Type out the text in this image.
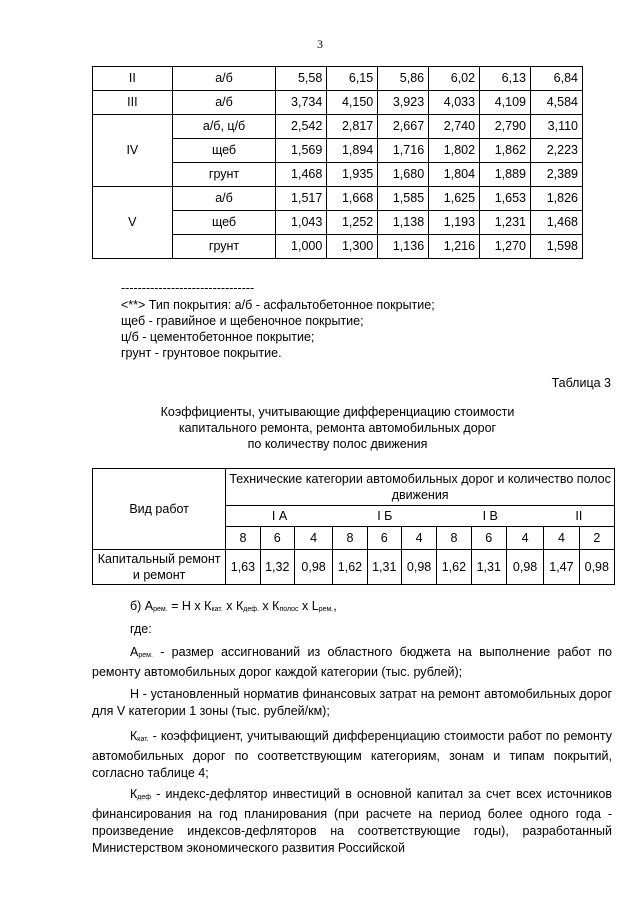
3
II	а/б	5,58	6,15	5,86	6,02	6,13	6,84
III	а/б	3,734	4,150	3,923	4,033	4,109	4,584
IV	а/б, ц/б	2,542	2,817	2,667	2,740	2,790	3,110
	щеб	1,569	1,894	1,716	1,802	1,862	2,223
	грунт	1,468	1,935	1,680	1,804	1,889	2,389
V	а/б	1,517	1,668	1,585	1,625	1,653	1,826
	щеб	1,043	1,252	1,138	1,193	1,231	1,468
	грунт	1,000	1,300	1,136	1,216	1,270	1,598
--------------------------------
<**> Тип покрытия: а/б - асфальтобетонное покрытие;
щеб - гравийное и щебеночное покрытие;
ц/б - цементобетонное покрытие;
грунт - грунтовое покрытие.
Таблица 3
Коэффициенты, учитывающие дифференциацию стоимости
капитального ремонта, ремонта автомобильных дорог
по количеству полос движения
Вид работ	Технические категории автомобильных дорог и количество полос движения										
	I А			I Б			I В			II	
	8	6	4	8	6	4	8	6	4	4	2
Капитальный ремонт и ремонт	1,63	1,32	0,98	1,62	1,31	0,98	1,62	1,31	0,98	1,47	0,98
б) $А_{рем.} = Н$ х $К_{кат.}$ х $К_{деф.}$ х $К_{полос}$ х $L_{рем.}$,
где:
$А_{рем.}$ - размер ассигнований из областного бюджета на выполнение работ по ремонту автомобильных дорог каждой категории (тыс. рублей);
Н - установленный норматив финансовых затрат на ремонт автомобильных дорог для V категории 1 зоны (тыс. рублей/км);
$К_{кат.}$ - коэффициент, учитывающий дифференциацию стоимости работ по ремонту автомобильных дорог по соответствующим категориям, зонам и типам покрытий, согласно таблице 4;
$К_{деф}$ - индекс-дефлятор инвестиций в основной капитал за счет всех источников финансирования на год планирования (при расчете на период более одного года - произведение индексов-дефляторов на соответствующие годы), разработанный Министерством экономического развития Российской
